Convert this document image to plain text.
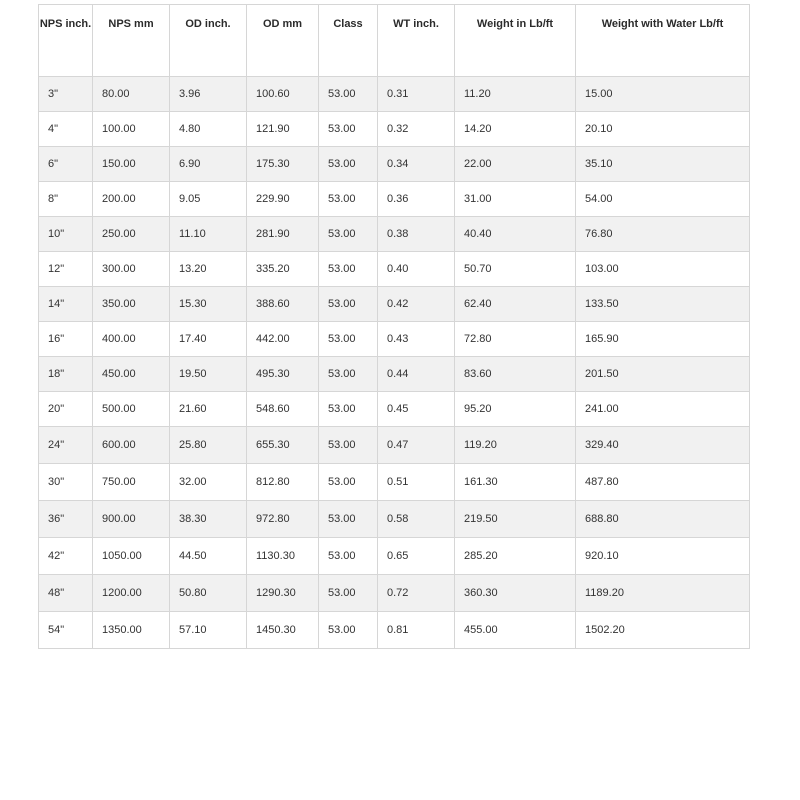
NPS inch.	NPS mm	OD inch.	OD mm	Class	WT inch.	Weight in Lb/ft	Weight with Water Lb/ft
3"	80.00	3.96	100.60	53.00	0.31	11.20	15.00
4"	100.00	4.80	121.90	53.00	0.32	14.20	20.10
6"	150.00	6.90	175.30	53.00	0.34	22.00	35.10
8"	200.00	9.05	229.90	53.00	0.36	31.00	54.00
10"	250.00	11.10	281.90	53.00	0.38	40.40	76.80
12"	300.00	13.20	335.20	53.00	0.40	50.70	103.00
14"	350.00	15.30	388.60	53.00	0.42	62.40	133.50
16"	400.00	17.40	442.00	53.00	0.43	72.80	165.90
18"	450.00	19.50	495.30	53.00	0.44	83.60	201.50
20"	500.00	21.60	548.60	53.00	0.45	95.20	241.00
24"	600.00	25.80	655.30	53.00	0.47	119.20	329.40
30"	750.00	32.00	812.80	53.00	0.51	161.30	487.80
36"	900.00	38.30	972.80	53.00	0.58	219.50	688.80
42"	1050.00	44.50	1130.30	53.00	0.65	285.20	920.10
48"	1200.00	50.80	1290.30	53.00	0.72	360.30	1189.20
54"	1350.00	57.10	1450.30	53.00	0.81	455.00	1502.20
